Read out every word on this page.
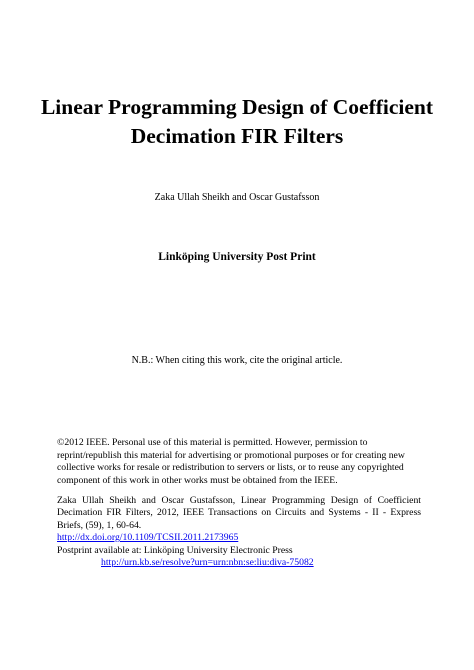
Linear Programming Design of Coefficient
Decimation FIR Filters
Zaka Ullah Sheikh and Oscar Gustafsson
Linköping University Post Print
N.B.: When citing this work, cite the original article.
©2012 IEEE. Personal use of this material is permitted. However, permission to
reprint/republish this material for advertising or promotional purposes or for creating new
collective works for resale or redistribution to servers or lists, or to reuse any copyrighted
component of this work in other works must be obtained from the IEEE.
Zaka Ullah Sheikh and Oscar Gustafsson, Linear Programming Design of Coefficient Decimation FIR Filters, 2012, IEEE Transactions on Circuits and Systems - II - Express Briefs, (59), 1, 60-64.
http://dx.doi.org/10.1109/TCSII.2011.2173965
Postprint available at: Linköping University Electronic Press
http://urn.kb.se/resolve?urn=urn:nbn:se:liu:diva-75082
